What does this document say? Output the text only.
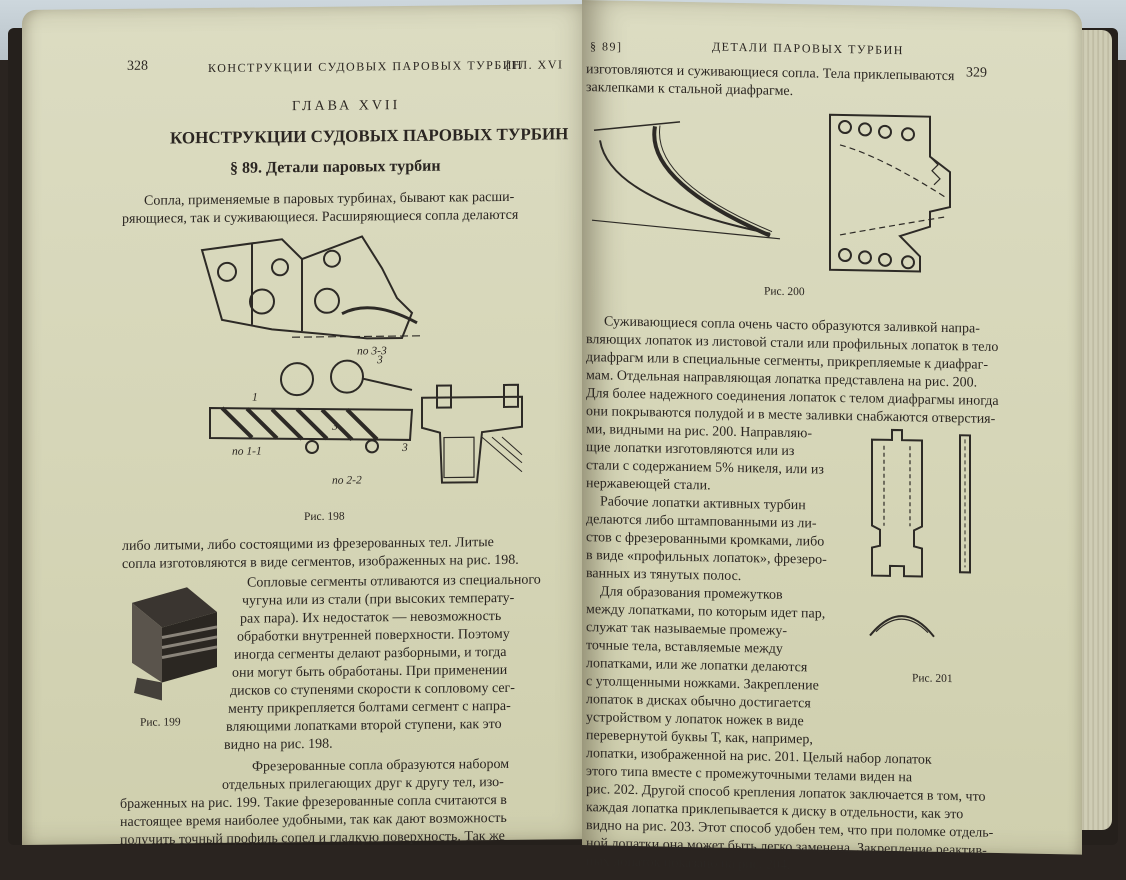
328	КОНСТРУКЦИИ СУДОВЫХ ПАРОВЫХ ТУРБИН
[ГЛ. XVI
ГЛАВА XVII
КОНСТРУКЦИИ СУДОВЫХ ПАРОВЫХ ТУРБИН
§ 89. Детали паровых турбин
Сопла, применяемые в паровых турбинах, бывают как расши-
ряющиеся, так и суживающиеся. Расширяющиеся сопла делаются
по 3-3
по 1-1
по 2-2
3
3
1
3
Рис. 198
либо литыми, либо состоящими из фрезерованных тел. Литые
сопла изготовляются в виде сегментов, изображенных на рис. 198.
Рис. 199
Сопловые сегменты отливаются из специального
чугуна или из стали (при высоких температу-
рах пара). Их недостаток — невозможность
обработки внутренней поверхности. Поэтому
иногда сегменты делают разборными, и тогда
они могут быть обработаны. При применении
дисков со ступенями скорости к сопловому сег-
менту прикрепляется болтами сегмент с напра-
вляющими лопатками второй ступени, как это
видно на рис. 198.
Фрезерованные сопла образуются набором
отдельных прилегающих друг к другу тел, изо-
браженных на рис. 199. Такие фрезерованные сопла считаются в
настоящее время наиболее удобными, так как дают возможность
получить точный профиль сопел и гладкую поверхность. Так же
§ 89]	ДЕТАЛИ ПАРОВЫХ ТУРБИН
329
изготовляются и суживающиеся сопла. Тела приклепываются
заклепками к стальной диафрагме.
Рис. 200
Суживающиеся сопла очень часто образуются заливкой напра-
вляющих лопаток из листовой стали или профильных лопаток в тело
диафрагм или в специальные сегменты, прикрепляемые к диафраг-
мам. Отдельная направляющая лопатка представлена на рис. 200.
Для более надежного соединения лопаток с телом диафрагмы иногда
они покрываются полудой и в месте заливки снабжаются отверстия-
ми, видными на рис. 200. Направляю-
щие лопатки изготовляются или из
стали с содержанием 5% никеля, или из
нержавеющей стали.
Рабочие лопатки активных турбин
делаются либо штампованными из ли-
стов с фрезерованными кромками, либо
в виде «профильных лопаток», фрезеро-
ванных из тянутых полос.
Для образования промежутков
между лопатками, по которым идет пар,
служат так называемые промежу-
точные тела, вставляемые между
лопатками, или же лопатки делаются
с утолщенными ножками. Закрепление
лопаток в дисках обычно достигается
устройством у лопаток ножек в виде
перевернутой буквы Т, как, например,
лопатки, изображенной на рис. 201. Целый набор лопаток
Рис. 201
этого типа вместе с промежуточными телами виден на
рис. 202. Другой способ крепления лопаток заключается в том, что
каждая лопатка приклепывается к диску в отдельности, как это
видно на рис. 203. Этот способ удобен тем, что при поломке отдель-
ной лопатки она может быть легко заменена. Закрепление реактив-
ных лопаток показано на рис. 204.
